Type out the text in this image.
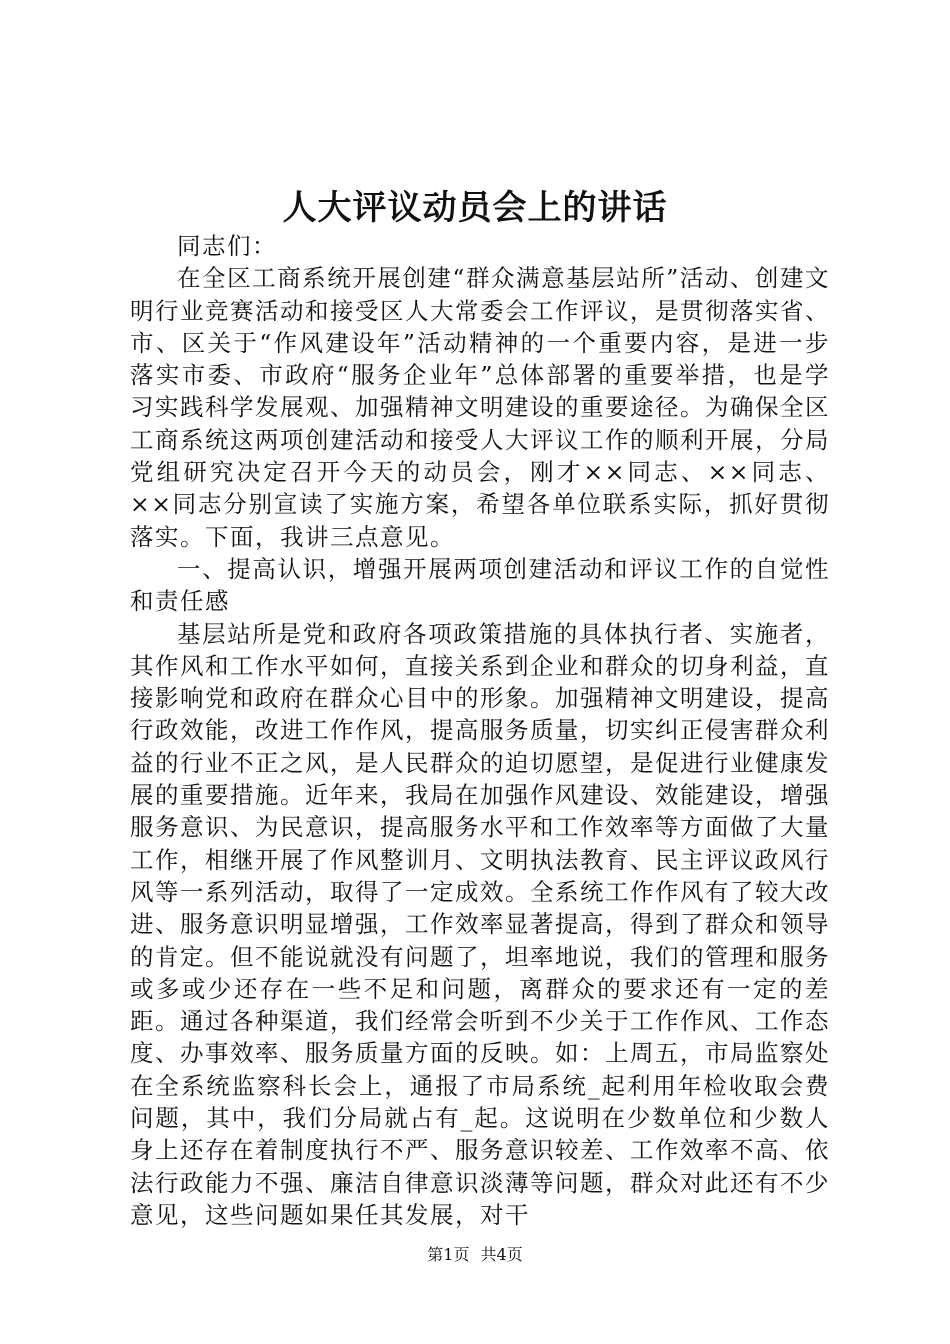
人大评议动员会上的讲话

同志们：

在全区工商系统开展创建“群众满意基层站所”活动、创建文明行业竞赛活动和接受区人大常委会工作评议，是贯彻落实省、市、区关于“作风建设年”活动精神的一个重要内容，是进一步落实市委、市政府“服务企业年”总体部署的重要举措，也是学习实践科学发展观、加强精神文明建设的重要途径。为确保全区工商系统这两项创建活动和接受人大评议工作的顺利开展，分局党组研究决定召开今天的动员会，刚才××同志、××同志、××同志分别宣读了实施方案，希望各单位联系实际，抓好贯彻落实。下面，我讲三点意见。

一、提高认识，增强开展两项创建活动和评议工作的自觉性和责任感

基层站所是党和政府各项政策措施的具体执行者、实施者，其作风和工作水平如何，直接关系到企业和群众的切身利益，直接影响党和政府在群众心目中的形象。加强精神文明建设，提高行政效能，改进工作作风，提高服务质量，切实纠正侵害群众利益的行业不正之风，是人民群众的迫切愿望，是促进行业健康发展的重要措施。近年来，我局在加强作风建设、效能建设，增强服务意识、为民意识，提高服务水平和工作效率等方面做了大量工作，相继开展了作风整训月、文明执法教育、民主评议政风行风等一系列活动，取得了一定成效。全系统工作作风有了较大改进、服务意识明显增强，工作效率显著提高，得到了群众和领导的肯定。但不能说就没有问题了，坦率地说，我们的管理和服务或多或少还存在一些不足和问题，离群众的要求还有一定的差距。通过各种渠道，我们经常会听到不少关于工作作风、工作态度、办事效率、服务质量方面的反映。如：上周五，市局监察处在全系统监察科长会上，通报了市局系统_起利用年检收取会费问题，其中，我们分局就占有_起。这说明在少数单位和少数人身上还存在着制度执行不严、服务意识较差、工作效率不高、依法行政能力不强、廉洁自律意识淡薄等问题，群众对此还有不少意见，这些问题如果任其发展，对干

第1页 共4页
